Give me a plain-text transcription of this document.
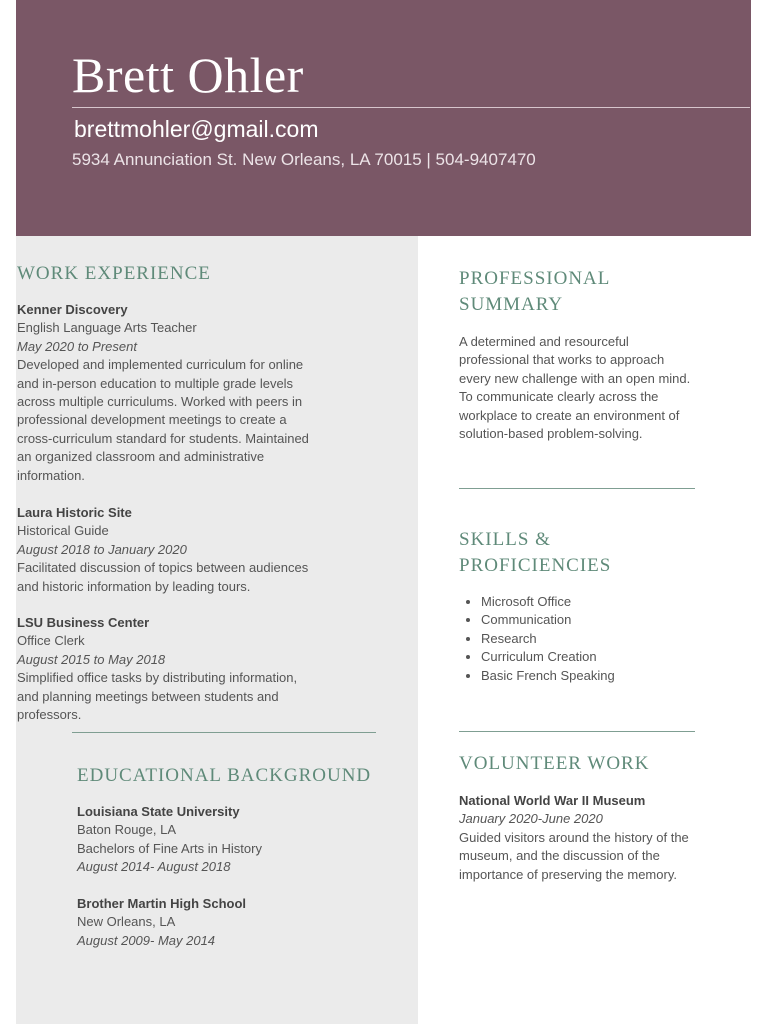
Brett Ohler
brettmohler@gmail.com
5934 Annunciation St. New Orleans, LA 70015 | 504-9407470
WORK EXPERIENCE
Kenner Discovery
English Language Arts Teacher
May 2020 to Present
Developed and implemented curriculum for online
and in-person education to multiple grade levels
across multiple curriculums. Worked with peers in
professional development meetings to create a
cross-curriculum standard for students. Maintained
an organized classroom and administrative
information.
Laura Historic Site
Historical Guide
August 2018 to January 2020
Facilitated discussion of topics between audiences
and historic information by leading tours.
LSU Business Center
Office Clerk
August 2015 to May 2018
Simplified office tasks by distributing information,
and planning meetings between students and
professors.
EDUCATIONAL BACKGROUND
Louisiana State University
Baton Rouge, LA
Bachelors of Fine Arts in History
August 2014- August 2018
Brother Martin High School
New Orleans, LA
August 2009- May 2014
PROFESSIONAL
SUMMARY
A determined and resourceful
professional that works to approach
every new challenge with an open mind.
To communicate clearly across the
workplace to create an environment of
solution-based problem-solving.
SKILLS &
PROFICIENCIES
• Microsoft Office
• Communication
• Research
• Curriculum Creation
• Basic French Speaking
VOLUNTEER WORK
National World War II Museum
January 2020-June 2020
Guided visitors around the history of the
museum, and the discussion of the
importance of preserving the memory.
